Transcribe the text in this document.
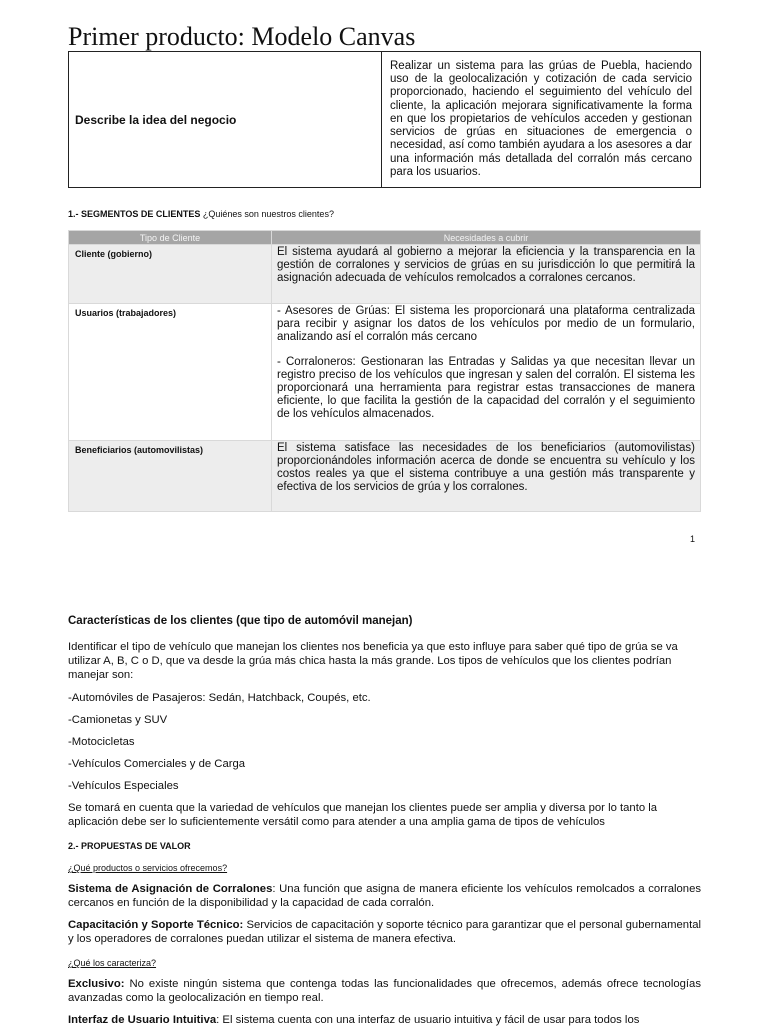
Primer producto: Modelo Canvas
Describe la idea del negocio	Realizar un sistema para las grúas de Puebla, haciendo uso de la geolocalización y cotización de cada servicio proporcionado, haciendo el seguimiento del vehículo del cliente, la aplicación mejorara significativamente la forma en que los propietarios de vehículos acceden y gestionan servicios de grúas en situaciones de emergencia o necesidad, así como también ayudara a los asesores a dar una información más detallada del corralón más cercano para los usuarios.
1.- SEGMENTOS DE CLIENTES ¿Quiénes son nuestros clientes?
Tipo de Cliente	Necesidades a cubrir
Cliente (gobierno)	El sistema ayudará al gobierno a mejorar la eficiencia y la transparencia en la gestión de corralones y servicios de grúas en su jurisdicción lo que permitirá la asignación adecuada de vehículos remolcados a corralones cercanos.

Usuarios (trabajadores)	- Asesores de Grúas: El sistema les proporcionará una plataforma centralizada para recibir y asignar los datos de los vehículos por medio de un formulario, analizando así el corralón más cercano

- Corraloneros: Gestionaran las Entradas y Salidas ya que necesitan llevar un registro preciso de los vehículos que ingresan y salen del corralón. El sistema les proporcionará una herramienta para registrar estas transacciones de manera eficiente, lo que facilita la gestión de la capacidad del corralón y el seguimiento de los vehículos almacenados.

Beneficiarios (automovilistas)	El sistema satisface las necesidades de los beneficiarios (automovilistas) proporcionándoles información acerca de donde se encuentra su vehículo y los costos reales ya que el sistema contribuye a una gestión más transparente y efectiva de los servicios de grúa y los corralones.

1
Características de los clientes (que tipo de automóvil manejan)

Identificar el tipo de vehículo que manejan los clientes nos beneficia ya que esto influye para saber qué tipo de grúa se va utilizar A, B, C o D, que va desde la grúa más chica hasta la más grande. Los tipos de vehículos que los clientes podrían manejar son:

-Automóviles de Pasajeros: Sedán, Hatchback, Coupés, etc.
-Camionetas y SUV
-Motocicletas
-Vehículos Comerciales y de Carga
-Vehículos Especiales
Se tomará en cuenta que la variedad de vehículos que manejan los clientes puede ser amplia y diversa por lo tanto la aplicación debe ser lo suficientemente versátil como para atender a una amplia gama de tipos de vehículos
2.- PROPUESTAS DE VALOR
¿Qué productos o servicios ofrecemos?

Sistema de Asignación de Corralones: Una función que asigna de manera eficiente los vehículos remolcados a corralones cercanos en función de la disponibilidad y la capacidad de cada corralón.

Capacitación y Soporte Técnico: Servicios de capacitación y soporte técnico para garantizar que el personal gubernamental y los operadores de corralones puedan utilizar el sistema de manera efectiva.

¿Qué los caracteriza?

Exclusivo: No existe ningún sistema que contenga todas las funcionalidades que ofrecemos, además ofrece tecnologías avanzadas como la geolocalización en tiempo real.

Interfaz de Usuario Intuitiva: El sistema cuenta con una interfaz de usuario intuitiva y fácil de usar para todos los
